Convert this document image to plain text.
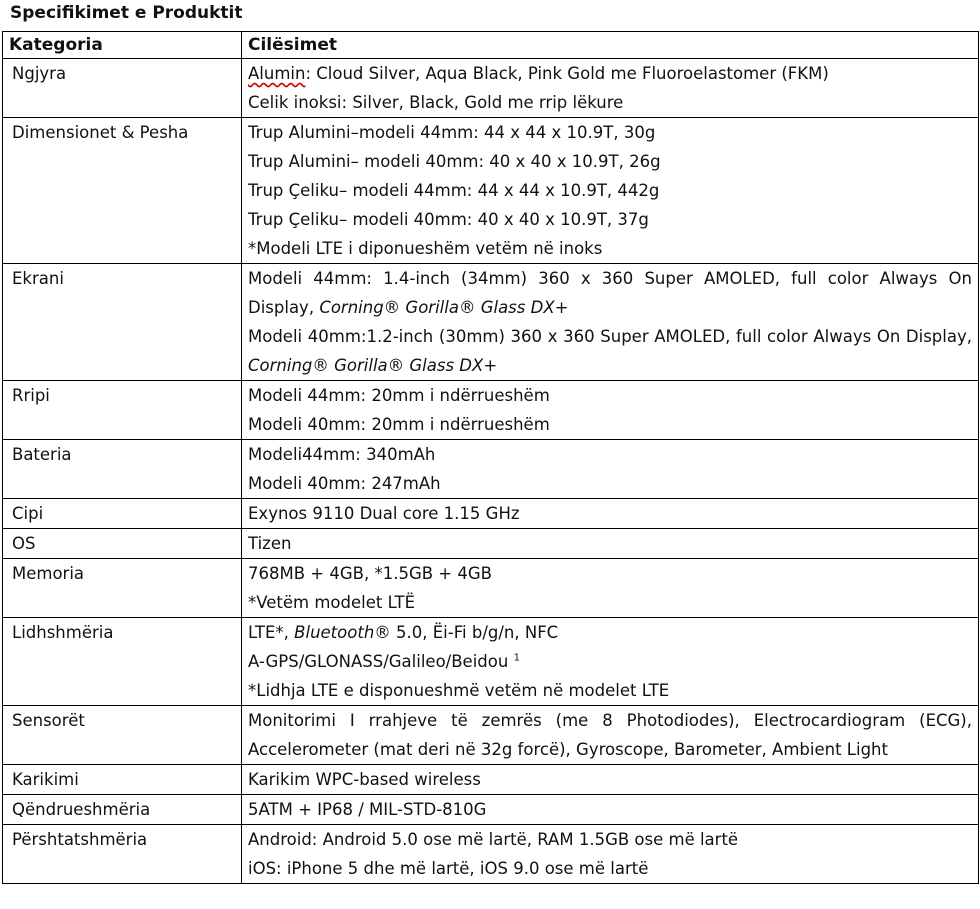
Specifikimet e Produktit
Kategoria	Cilësimet
Ngjyra	Alumin: Cloud Silver, Aqua Black, Pink Gold me Fluoroelastomer (FKM)
Celik inoksi: Silver, Black, Gold me rrip lëkure

Dimensionet & Pesha	Trup Alumini–modeli 44mm: 44 x 44 x 10.9T, 30g
Trup Alumini– modeli 40mm: 40 x 40 x 10.9T, 26g
Trup Çeliku– modeli 44mm: 44 x 44 x 10.9T, 442g
Trup Çeliku– modeli 40mm: 40 x 40 x 10.9T, 37g
*Modeli LTE i diponueshëm vetëm në inoks

Ekrani	Modeli 44mm: 1.4-inch (34mm) 360 x 360 Super AMOLED, full color Always On Display, Corning® Gorilla® Glass DX+
Modeli 40mm:1.2-inch (30mm) 360 x 360 Super AMOLED, full color Always On Display, Corning® Gorilla® Glass DX+

Rripi	Modeli 44mm: 20mm i ndërrueshëm
Modeli 40mm: 20mm i ndërrueshëm

Bateria	Modeli44mm: 340mAh
Modeli 40mm: 247mAh

Cipi	Exynos 9110 Dual core 1.15 GHz

OS	Tizen

Memoria	768MB + 4GB, *1.5GB + 4GB
*Vetëm modelet LTË

Lidhshmëria	LTE*, Bluetooth® 5.0, Ëi-Fi b/g/n, NFC
A-GPS/GLONASS/Galileo/Beidou $^1$
*Lidhja LTE e disponueshmë vetëm në modelet LTE

Sensorët	Monitorimi I rrahjeve të zemrës (me 8 Photodiodes), Electrocardiogram (ECG), Accelerometer (mat deri në 32g forcë), Gyroscope, Barometer, Ambient Light

Karikimi	Karikim WPC-based wireless

Qëndrueshmëria	5ATM + IP68 / MIL-STD-810G

Përshtatshmëria	Android: Android 5.0 ose më lartë, RAM 1.5GB ose më lartë
iOS: iPhone 5 dhe më lartë, iOS 9.0 ose më lartë
